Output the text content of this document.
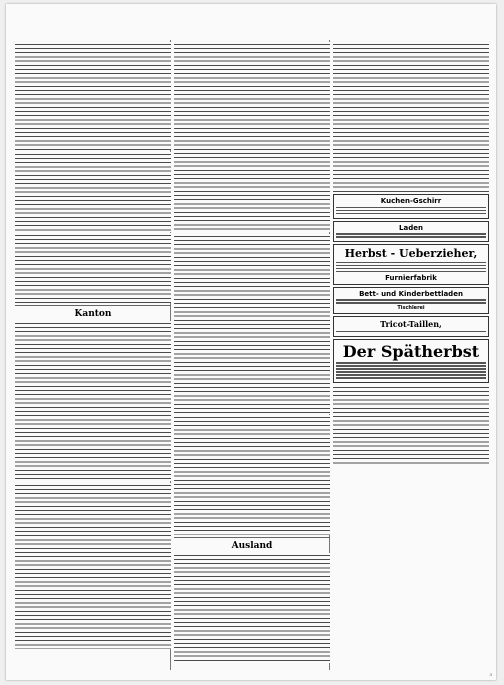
Kanton
Ausland
Kuchen-Gschirr
Laden
Herbst - Ueberzieher,
Furnierfabrik
Bett- und Kinderbettladen
Tischlerei
Tricot-Taillen,
Der Spätherbst
3
